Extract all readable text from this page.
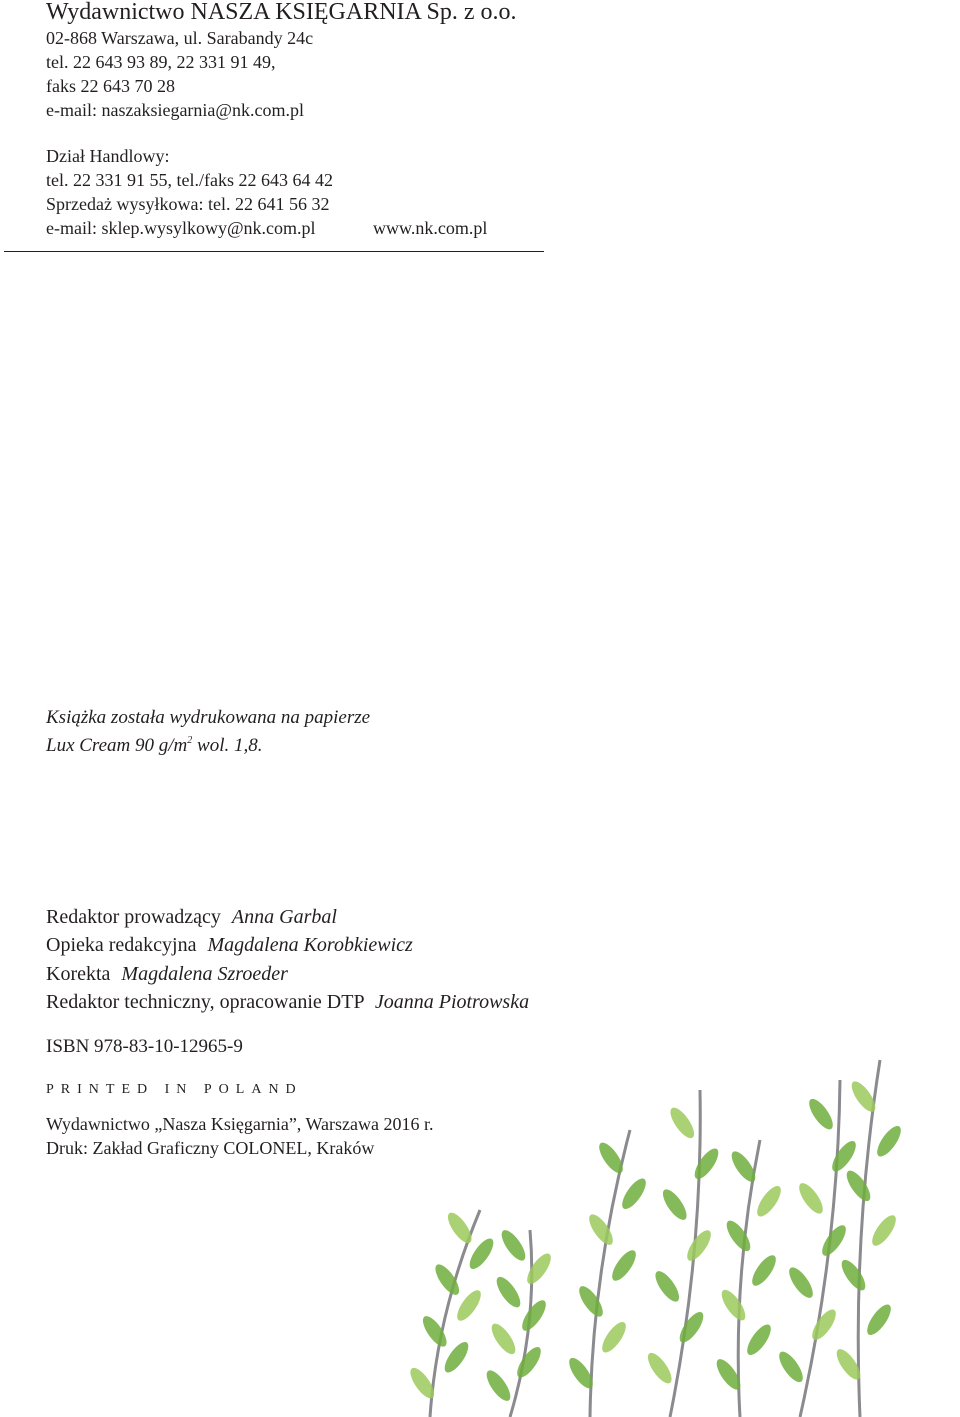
Wydawnictwo NASZA KSIĘGARNIA Sp. z o.o.
02-868 Warszawa, ul. Sarabandy 24c
tel. 22 643 93 89, 22 331 91 49,
faks 22 643 70 28
e-mail: naszaksiegarnia@nk.com.pl
Dział Handlowy:
tel. 22 331 91 55, tel./faks 22 643 64 42
Sprzedaż wysyłkowa: tel. 22 641 56 32
e-mail: sklep.wysylkowy@nk.com.pl	www.nk.com.pl
Książka została wydrukowana na papierze
Lux Cream 90 $g/m^2$ wol. 1,8.
Redaktor prowadzący Anna Garbal
Opieka redakcyjna Magdalena Korobkiewicz
Korekta Magdalena Szroeder
Redaktor techniczny, opracowanie DTP Joanna Piotrowska
ISBN 978-83-10-12965-9
PRINTED IN POLAND
Wydawnictwo „Nasza Księgarnia”, Warszawa 2016 r.
Druk: Zakład Graficzny COLONEL, Kraków
